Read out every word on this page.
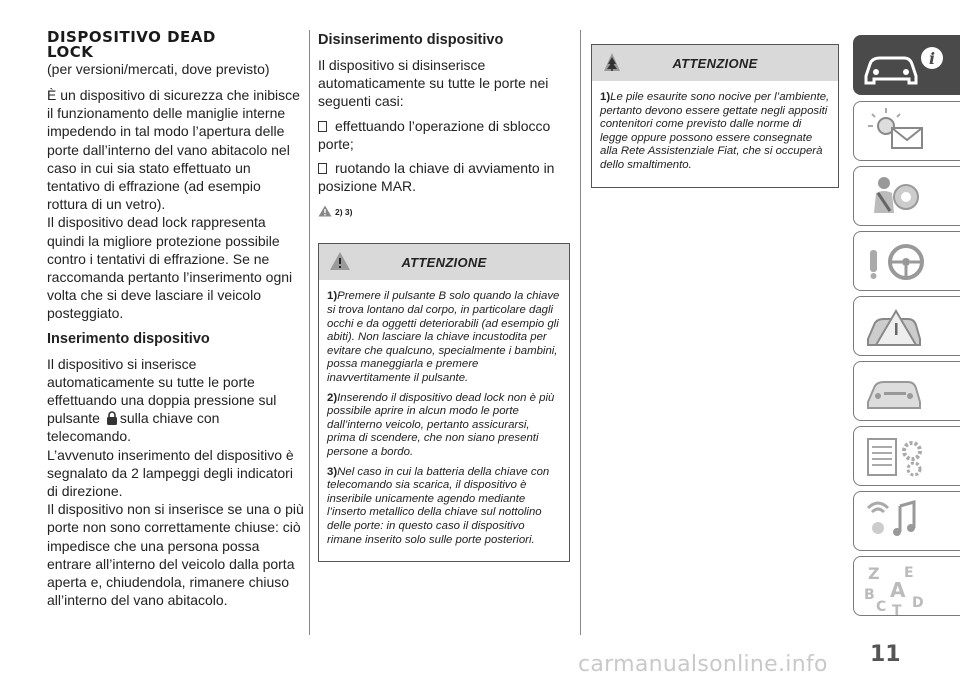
DISPOSITIVO DEAD
LOCK
(per versioni/mercati, dove previsto)
È un dispositivo di sicurezza che inibisce il funzionamento delle maniglie interne impedendo in tal modo l’apertura delle porte dall’interno del vano abitacolo nel caso in cui sia stato effettuato un tentativo di effrazione (ad esempio rottura di un vetro).
Il dispositivo dead lock rappresenta quindi la migliore protezione possibile contro i tentativi di effrazione. Se ne raccomanda pertanto l’inserimento ogni volta che si deve lasciare il veicolo posteggiato.
Inserimento dispositivo
Il dispositivo si inserisce automaticamente su tutte le porte effettuando una doppia pressione sul pulsante sulla chiave con telecomando.
L’avvenuto inserimento del dispositivo è segnalato da 2 lampeggi degli indicatori di direzione.
Il dispositivo non si inserisce se una o più porte non sono correttamente chiuse: ciò impedisce che una persona possa entrare all’interno del veicolo dalla porta aperta e, chiudendola, rimanere chiuso all’interno del vano abitacolo.
Disinserimento dispositivo
Il dispositivo si disinserisce automaticamente su tutte le porte nei seguenti casi:
effettuando l’operazione di sblocco porte;
ruotando la chiave di avviamento in posizione MAR.
2) 3)
ATTENZIONE

1)Premere il pulsante B solo quando la chiave si trova lontano dal corpo, in particolare dagli occhi e da oggetti deteriorabili (ad esempio gli abiti). Non lasciare la chiave incustodita per evitare che qualcuno, specialmente i bambini, possa maneggiarla e premere inavvertitamente il pulsante.

2)Inserendo il dispositivo dead lock non è più possibile aprire in alcun modo le porte dall’interno veicolo, pertanto assicurarsi, prima di scendere, che non siano presenti persone a bordo.

3)Nel caso in cui la batteria della chiave con telecomando sia scarica, il dispositivo è inseribile unicamente agendo mediante l’inserto metallico della chiave sul nottolino delle porte: in questo caso il dispositivo rimane inserito solo sulle porte posteriori.

ATTENZIONE

1)Le pile esaurite sono nocive per l’ambiente, pertanto devono essere gettate negli appositi contenitori come previsto dalle norme di legge oppure possono essere consegnate alla Rete Assistenziale Fiat, che si occuperà dello smaltimento.

i
Z E
B A
C T D
11
carmanualsonline.info
